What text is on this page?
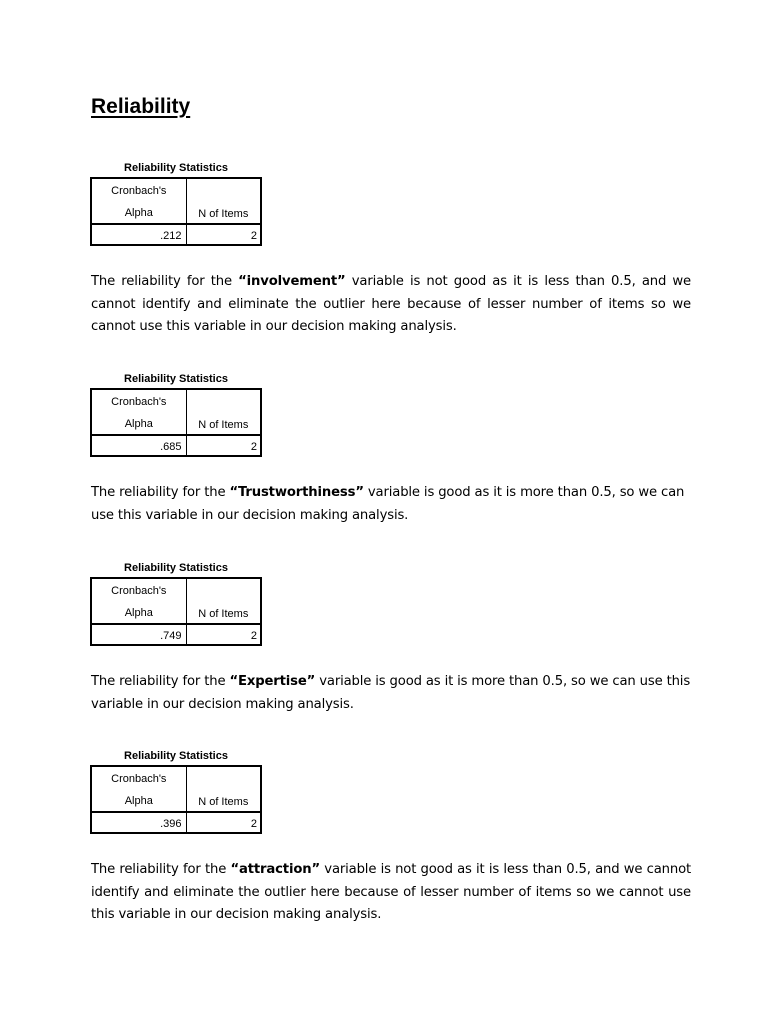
Reliability
Reliability Statistics
Cronbach's
Alpha	N of Items
.212	2

The reliability for the “involvement” variable is not good as it is less than 0.5, and we cannot identify and eliminate the outlier here because of lesser number of items so we cannot use this variable in our decision making analysis.

Reliability Statistics
Cronbach's
Alpha	N of Items
.685	2

The reliability for the “Trustworthiness” variable is good as it is more than 0.5, so we can use this variable in our decision making analysis.

Reliability Statistics
Cronbach's
Alpha	N of Items
.749	2

The reliability for the “Expertise” variable is good as it is more than 0.5, so we can use this variable in our decision making analysis.

Reliability Statistics
Cronbach's
Alpha	N of Items
.396	2

The reliability for the “attraction” variable is not good as it is less than 0.5, and we cannot identify and eliminate the outlier here because of lesser number of items so we cannot use this variable in our decision making analysis.
